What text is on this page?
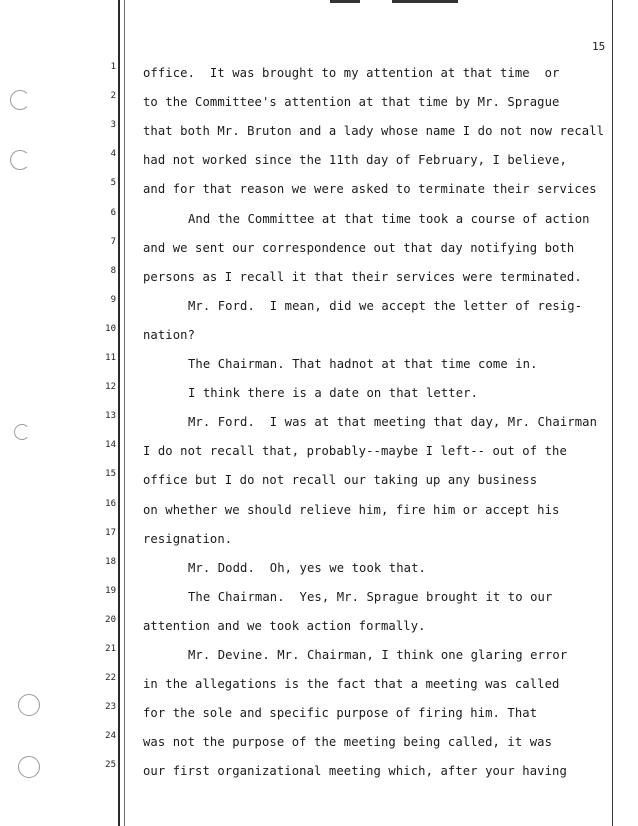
15
1
2
3
4
5
6
7
8
9
10
11
12
13
14
15
16
17
18
19
20
21
22
23
24
25
office.  It was brought to my attention at that time  or
to the Committee's attention at that time by Mr. Sprague
that both Mr. Bruton and a lady whose name I do not now recall
had not worked since the 11th day of February, I believe,
and for that reason we were asked to terminate their services
And the Committee at that time took a course of action
and we sent our correspondence out that day notifying both
persons as I recall it that their services were terminated.
Mr. Ford.  I mean, did we accept the letter of resig-
nation?
The Chairman. That hadnot at that time come in.
I think there is a date on that letter.
Mr. Ford.  I was at that meeting that day, Mr. Chairman
I do not recall that, probably--maybe I left-- out of the
office but I do not recall our taking up any business
on whether we should relieve him, fire him or accept his
resignation.
Mr. Dodd.  Oh, yes we took that.
The Chairman.  Yes, Mr. Sprague brought it to our
attention and we took action formally.
Mr. Devine. Mr. Chairman, I think one glaring error
in the allegations is the fact that a meeting was called
for the sole and specific purpose of firing him. That
was not the purpose of the meeting being called, it was
our first organizational meeting which, after your having
